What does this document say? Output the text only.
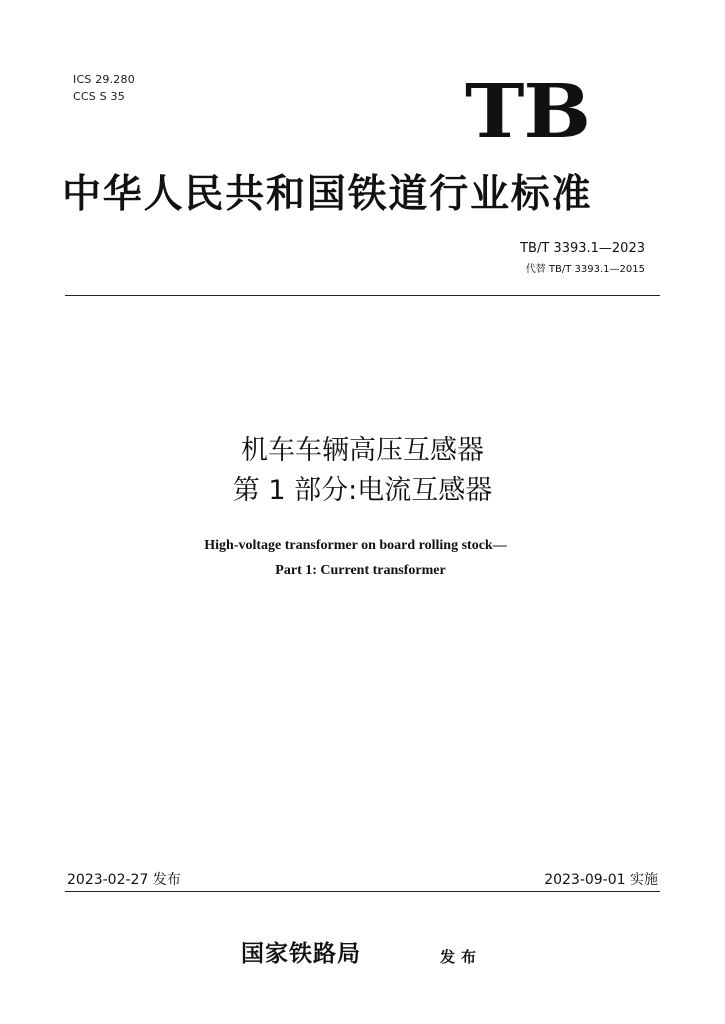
ICS 29.280
CCS S 35	TB
中华人民共和国铁道行业标准
TB/T 3393.1—2023
代替 TB/T 3393.1—2015
机车车辆高压互感器
第 1 部分:电流互感器
High-voltage transformer on board rolling stock—
Part 1: Current transformer
2023-02-27 发布	2023-09-01 实施
国家铁路局	发布
